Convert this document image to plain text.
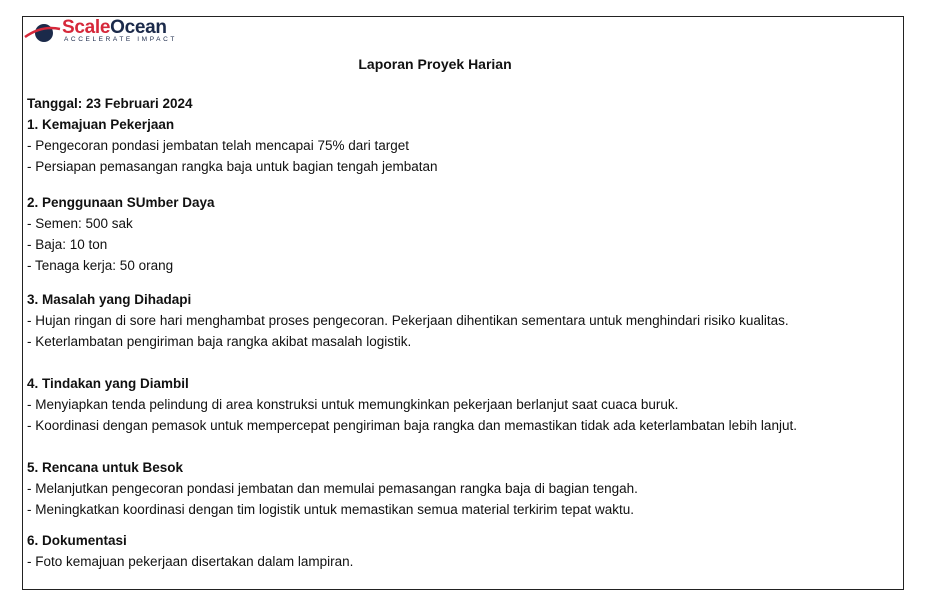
ScaleOcean
ACCELERATE IMPACT
Laporan Proyek Harian
Tanggal: 23 Februari 2024
1. Kemajuan Pekerjaan
- Pengecoran pondasi jembatan telah mencapai 75% dari target
- Persiapan pemasangan rangka baja untuk bagian tengah jembatan
2. Penggunaan SUmber Daya
- Semen: 500 sak
- Baja: 10 ton
- Tenaga kerja: 50 orang
3. Masalah yang Dihadapi
- Hujan ringan di sore hari menghambat proses pengecoran. Pekerjaan dihentikan sementara untuk menghindari risiko kualitas.
- Keterlambatan pengiriman baja rangka akibat masalah logistik.
4. Tindakan yang Diambil
- Menyiapkan tenda pelindung di area konstruksi untuk memungkinkan pekerjaan berlanjut saat cuaca buruk.
- Koordinasi dengan pemasok untuk mempercepat pengiriman baja rangka dan memastikan tidak ada keterlambatan lebih lanjut.
5. Rencana untuk Besok
- Melanjutkan pengecoran pondasi jembatan dan memulai pemasangan rangka baja di bagian tengah.
- Meningkatkan koordinasi dengan tim logistik untuk memastikan semua material terkirim tepat waktu.
6. Dokumentasi
- Foto kemajuan pekerjaan disertakan dalam lampiran.
